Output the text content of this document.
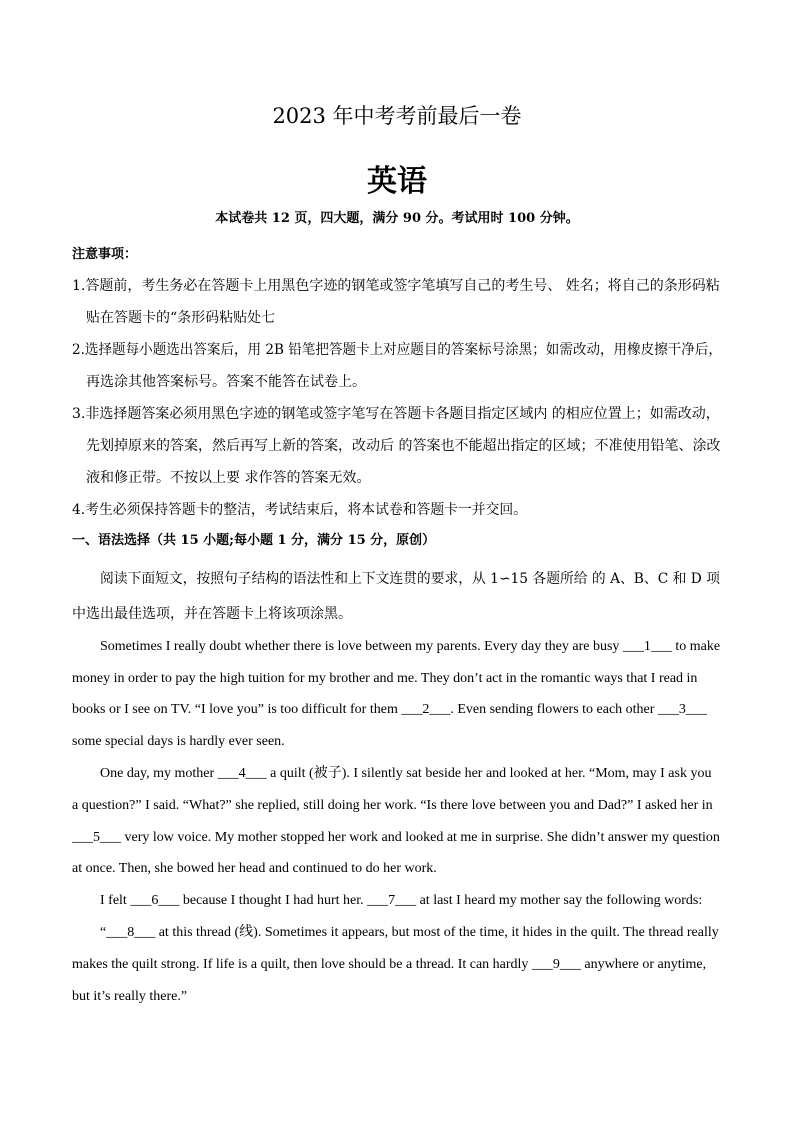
2023 年中考考前最后一卷
英语
本试卷共 12 页，四大题，满分 90 分。考试用时 100 分钟。
注意事项：
1.答题前，考生务必在答题卡上用黑色字迹的钢笔或签字笔填写自己的考生号、 姓名；将自己的条形码粘
贴在答题卡的“条形码粘贴处七
2.选择题每小题选出答案后，用 2B 铅笔把答题卡上对应题目的答案标号涂黑；如需改动，用橡皮擦干净后，
再选涂其他答案标号。答案不能答在试卷上。
3.非选择题答案必须用黑色字迹的钢笔或签字笔写在答题卡各题目指定区域内 的相应位置上；如需改动，
先划掉原来的答案，然后再写上新的答案，改动后 的答案也不能超出指定的区域；不准使用铅笔、涂改
液和修正带。不按以上要 求作答的答案无效。
4.考生必须保持答题卡的整洁，考试结束后，将本试卷和答题卡一并交回。
一、语法选择（共 15 小题;每小题 1 分，满分 15 分，原创）
阅读下面短文，按照句子结构的语法性和上下文连贯的要求，从 1∽15 各题所给 的 A、B、C 和 D 项
中选出最佳选项，并在答题卡上将该项涂黑。
Sometimes I really doubt whether there is love between my parents. Every day they are busy ___1___ to make
money in order to pay the high tuition for my brother and me. They don’t act in the romantic ways that I read in
books or I see on TV. “I love you” is too difficult for them ___2___. Even sending flowers to each other ___3___
some special days is hardly ever seen.
One day, my mother ___4___ a quilt (被子). I silently sat beside her and looked at her. “Mom, may I ask you
a question?” I said. “What?” she replied, still doing her work. “Is there love between you and Dad?” I asked her in
___5___ very low voice. My mother stopped her work and looked at me in surprise. She didn’t answer my question
at once. Then, she bowed her head and continued to do her work.
I felt ___6___ because I thought I had hurt her. ___7___ at last I heard my mother say the following words:
“___8___ at this thread (线). Sometimes it appears, but most of the time, it hides in the quilt. The thread really
makes the quilt strong. If life is a quilt, then love should be a thread. It can hardly ___9___ anywhere or anytime,
but it’s really there.”
